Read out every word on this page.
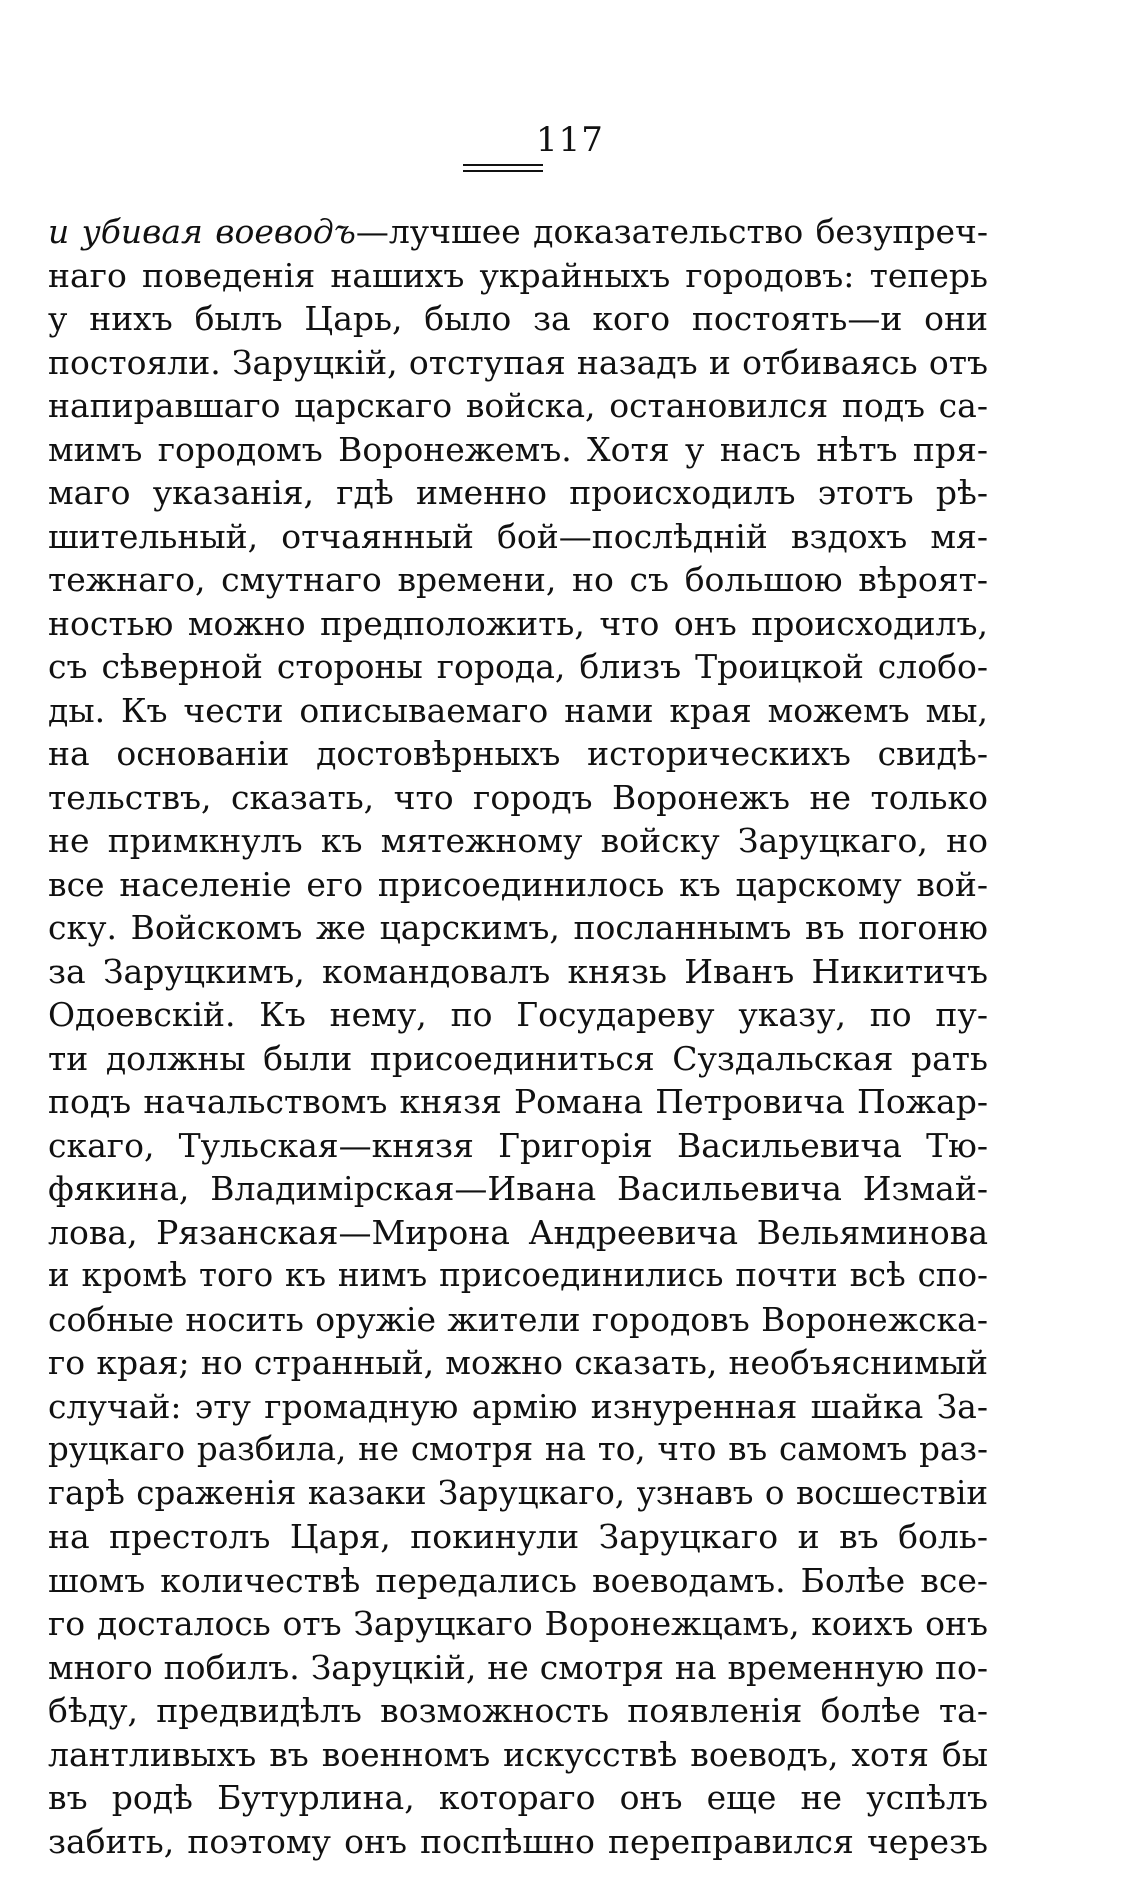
117
и убивая воеводъ—лучшее доказательство безупреч-
наго поведенія нашихъ украйныхъ городовъ: теперь
у нихъ былъ Царь, было за кого постоять—и они
постояли. Заруцкій, отступая назадъ и отбиваясь отъ
напиравшаго царскаго войска, остановился подъ са-
мимъ городомъ Воронежемъ. Хотя у насъ нѣтъ пря-
маго указанія, гдѣ именно происходилъ этотъ рѣ-
шительный, отчаянный бой—послѣдній вздохъ мя-
тежнаго, смутнаго времени, но съ большою вѣроят-
ностью можно предположить, что онъ происходилъ,
съ сѣверной стороны города, близъ Троицкой слобо-
ды. Къ чести описываемаго нами края можемъ мы,
на основаніи достовѣрныхъ историческихъ свидѣ-
тельствъ, сказать, что городъ Воронежъ не только
не примкнулъ къ мятежному войску Заруцкаго, но
все населеніе его присоединилось къ царскому вой-
ску. Войскомъ же царскимъ, посланнымъ въ погоню
за Заруцкимъ, командовалъ князь Иванъ Никитичъ
Одоевскій. Къ нему, по Государеву указу, по пу-
ти должны были присоединиться Суздальская рать
подъ начальствомъ князя Романа Петровича Пожар-
скаго, Тульская—князя Григорія Васильевича Тю-
фякина, Владимірская—Ивана Васильевича Измай-
лова, Рязанская—Мирона Андреевича Вельяминова
и кромѣ того къ нимъ присоединились почти всѣ спо-
собные носить оружіе жители городовъ Воронежска-
го края; но странный, можно сказать, необъяснимый
случай: эту громадную армію изнуренная шайка За-
руцкаго разбила, не смотря на то, что въ самомъ раз-
гарѣ сраженія казаки Заруцкаго, узнавъ о восшествіи
на престолъ Царя, покинули Заруцкаго и въ боль-
шомъ количествѣ передались воеводамъ. Болѣе все-
го досталось отъ Заруцкаго Воронежцамъ, коихъ онъ
много побилъ. Заруцкій, не смотря на временную по-
бѣду, предвидѣлъ возможность появленія болѣе та-
лантливыхъ въ военномъ искусствѣ воеводъ, хотя бы
въ родѣ Бутурлина, котораго онъ еще не успѣлъ
забить, поэтому онъ поспѣшно переправился черезъ
